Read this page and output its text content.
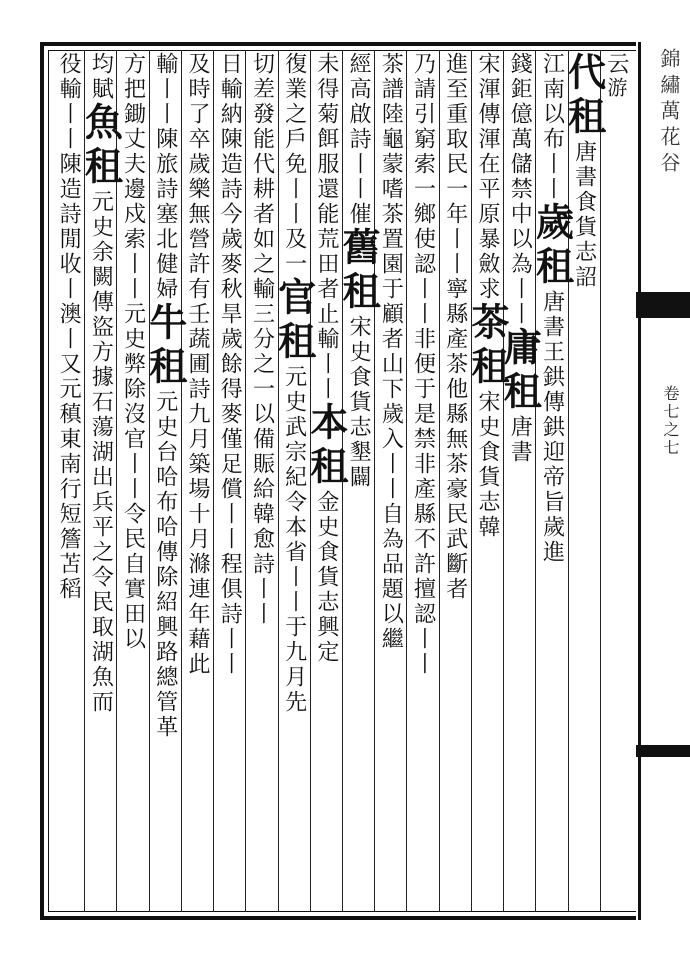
錦繡萬花谷
卷七之七
云游
代租唐書食貨志詔
江南以布丨丨歲租唐書王鉷傳鉷迎帝旨歲進
錢鉅億萬儲禁中以為丨丨庸租唐書
宋渾傳渾在平原暴斂求茶租宋史食貨志韓
進至重取民一年丨丨寧縣產茶他縣無茶豪民武斷者
乃請引窮索一鄉使認丨丨非便于是禁非產縣不許擅認丨丨
茶譜陸龜蒙嗜茶置園于顧者山下歲入丨丨自為品題以繼
經高啟詩丨丨催舊租宋史食貨志墾闢
未得菊餌服還能荒田者止輸丨丨本租金史食貨志興定
復業之戶免丨丨及一官租元史武宗紀令本省丨丨于九月先
切差發能代耕者如之輸三分之一以備賑給韓愈詩丨丨
日輸納陳造詩今歲麥秋旱歲餘得麥僅足償丨丨程俱詩丨丨
及時了卒歲樂無營許有壬蔬圃詩九月築場十月滌連年藉此
輸丨丨陳旅詩塞北健婦牛租元史台哈布哈傳除紹興路總管革
方把鋤丈夫邊戍索丨丨元史弊除沒官丨丨令民自實田以
均賦魚租元史余闕傳盜方據石蕩湖出兵平之令民取湖魚而
役輸丨丨陳造詩閒收丨澳丨又元稹東南行短簷苫稻
